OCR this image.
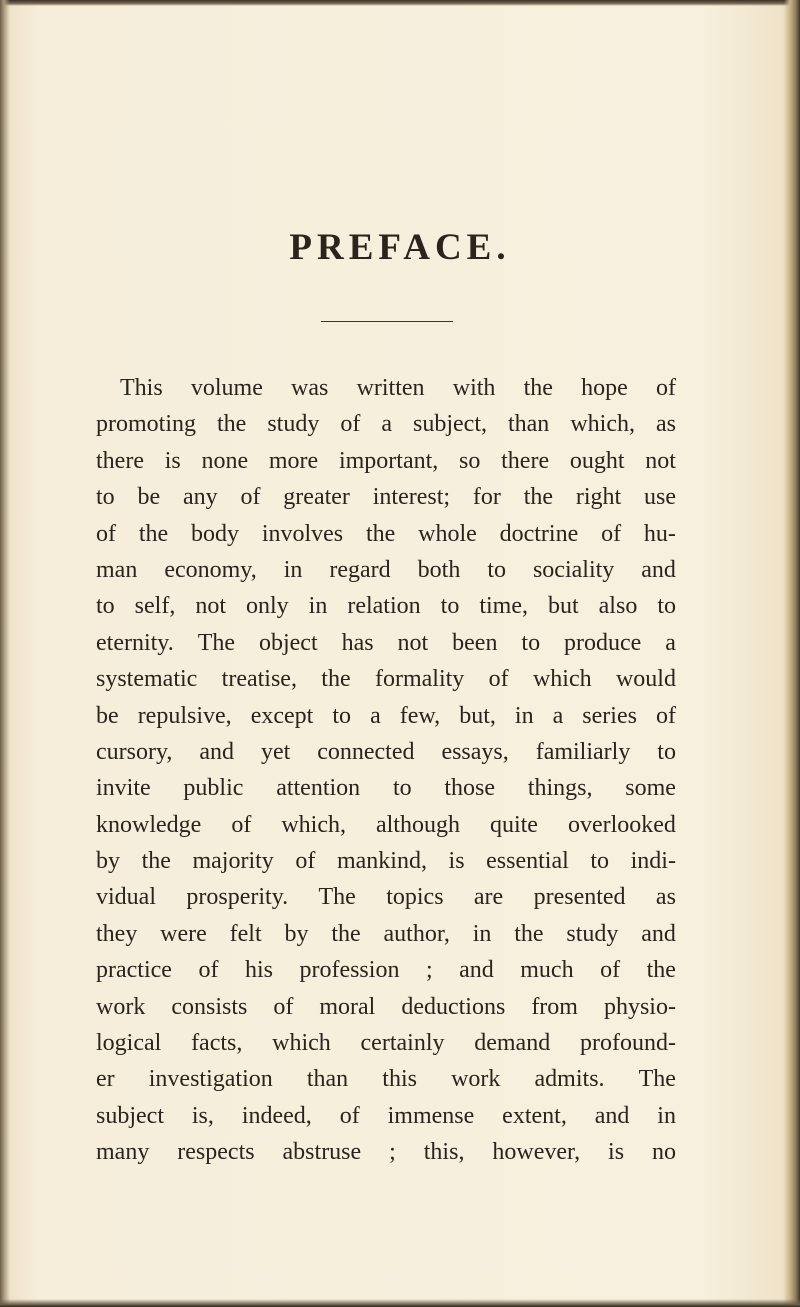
PREFACE.
This volume was written with the hope of
promoting the study of a subject, than which, as
there is none more important, so there ought not
to be any of greater interest; for the right use
of the body involves the whole doctrine of hu-
man economy, in regard both to sociality and
to self, not only in relation to time, but also to
eternity. The object has not been to produce a
systematic treatise, the formality of which would
be repulsive, except to a few, but, in a series of
cursory, and yet connected essays, familiarly to
invite public attention to those things, some
knowledge of which, although quite overlooked
by the majority of mankind, is essential to indi-
vidual prosperity. The topics are presented as
they were felt by the author, in the study and
practice of his profession ; and much of the
work consists of moral deductions from physio-
logical facts, which certainly demand profound-
er investigation than this work admits. The
subject is, indeed, of immense extent, and in
many respects abstruse ; this, however, is no
